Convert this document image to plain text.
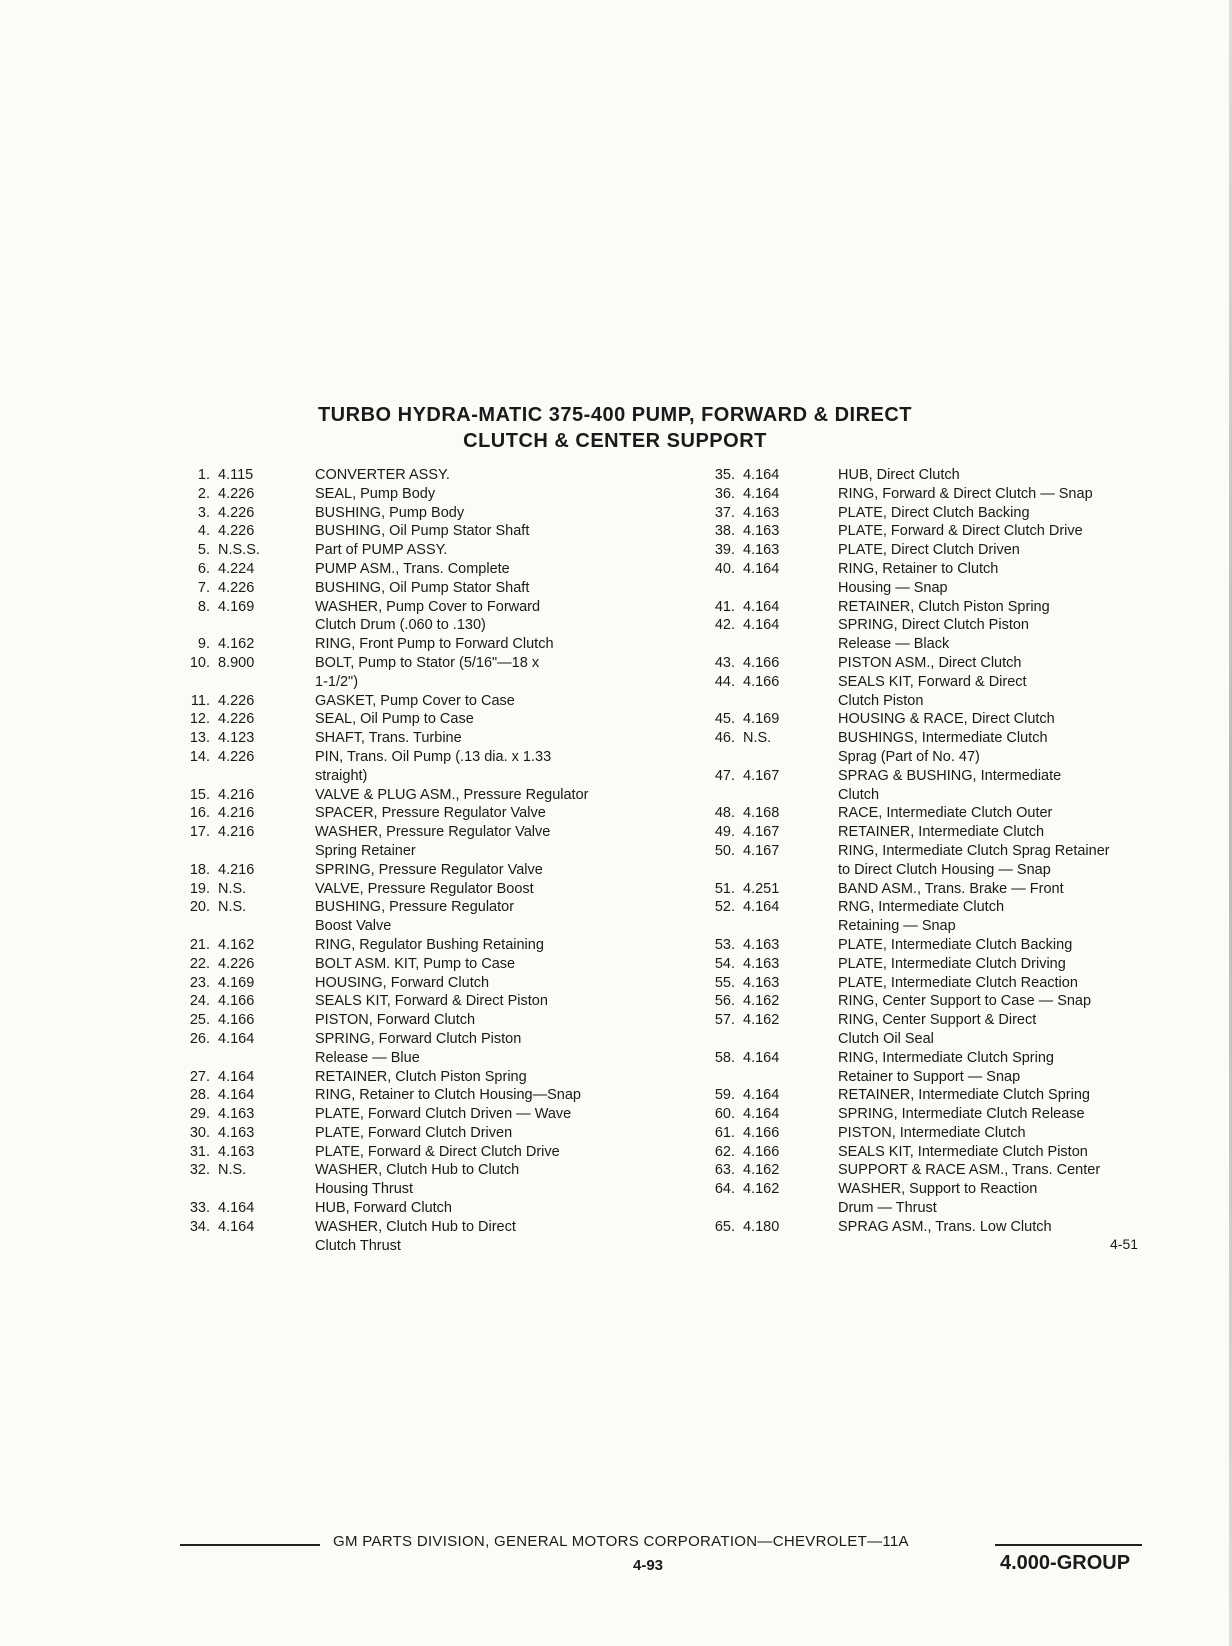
TURBO HYDRA-MATIC 375-400 PUMP, FORWARD & DIRECT
CLUTCH & CENTER SUPPORT
1. 4.115	CONVERTER ASSY.
2. 4.226	SEAL, Pump Body
3. 4.226	BUSHING, Pump Body
4. 4.226	BUSHING, Oil Pump Stator Shaft
5. N.S.S.	Part of PUMP ASSY.
6. 4.224	PUMP ASM., Trans. Complete
7. 4.226	BUSHING, Oil Pump Stator Shaft
8. 4.169	WASHER, Pump Cover to Forward
Clutch Drum (.060 to .130)
9. 4.162	RING, Front Pump to Forward Clutch
10. 8.900	BOLT, Pump to Stator (5/16"—18 x
1-1/2")
11. 4.226	GASKET, Pump Cover to Case
12. 4.226	SEAL, Oil Pump to Case
13. 4.123	SHAFT, Trans. Turbine
14. 4.226	PIN, Trans. Oil Pump (.13 dia. x 1.33
straight)
15. 4.216	VALVE & PLUG ASM., Pressure Regulator
16. 4.216	SPACER, Pressure Regulator Valve
17. 4.216	WASHER, Pressure Regulator Valve
Spring Retainer
18. 4.216	SPRING, Pressure Regulator Valve
19. N.S.	VALVE, Pressure Regulator Boost
20. N.S.	BUSHING, Pressure Regulator
Boost Valve
21. 4.162	RING, Regulator Bushing Retaining
22. 4.226	BOLT ASM. KIT, Pump to Case
23. 4.169	HOUSING, Forward Clutch
24. 4.166	SEALS KIT, Forward & Direct Piston
25. 4.166	PISTON, Forward Clutch
26. 4.164	SPRING, Forward Clutch Piston
Release — Blue
27. 4.164	RETAINER, Clutch Piston Spring
28. 4.164	RING, Retainer to Clutch Housing—Snap
29. 4.163	PLATE, Forward Clutch Driven — Wave
30. 4.163	PLATE, Forward Clutch Driven
31. 4.163	PLATE, Forward & Direct Clutch Drive
32. N.S.	WASHER, Clutch Hub to Clutch
Housing Thrust
33. 4.164	HUB, Forward Clutch
34. 4.164	WASHER, Clutch Hub to Direct
Clutch Thrust
35. 4.164	HUB, Direct Clutch
36. 4.164	RING, Forward & Direct Clutch — Snap
37. 4.163	PLATE, Direct Clutch Backing
38. 4.163	PLATE, Forward & Direct Clutch Drive
39. 4.163	PLATE, Direct Clutch Driven
40. 4.164	RING, Retainer to Clutch
Housing — Snap
41. 4.164	RETAINER, Clutch Piston Spring
42. 4.164	SPRING, Direct Clutch Piston
Release — Black
43. 4.166	PISTON ASM., Direct Clutch
44. 4.166	SEALS KIT, Forward & Direct
Clutch Piston
45. 4.169	HOUSING & RACE, Direct Clutch
46. N.S.	BUSHINGS, Intermediate Clutch
Sprag (Part of No. 47)
47. 4.167	SPRAG & BUSHING, Intermediate
Clutch
48. 4.168	RACE, Intermediate Clutch Outer
49. 4.167	RETAINER, Intermediate Clutch
50. 4.167	RING, Intermediate Clutch Sprag Retainer
to Direct Clutch Housing — Snap
51. 4.251	BAND ASM., Trans. Brake — Front
52. 4.164	RNG, Intermediate Clutch
Retaining — Snap
53. 4.163	PLATE, Intermediate Clutch Backing
54. 4.163	PLATE, Intermediate Clutch Driving
55. 4.163	PLATE, Intermediate Clutch Reaction
56. 4.162	RING, Center Support to Case — Snap
57. 4.162	RING, Center Support & Direct
Clutch Oil Seal
58. 4.164	RING, Intermediate Clutch Spring
Retainer to Support — Snap
59. 4.164	RETAINER, Intermediate Clutch Spring
60. 4.164	SPRING, Intermediate Clutch Release
61. 4.166	PISTON, Intermediate Clutch
62. 4.166	SEALS KIT, Intermediate Clutch Piston
63. 4.162	SUPPORT & RACE ASM., Trans. Center
64. 4.162	WASHER, Support to Reaction
Drum — Thrust
65. 4.180	SPRAG ASM., Trans. Low Clutch
4-51
GM PARTS DIVISION, GENERAL MOTORS CORPORATION—CHEVROLET—11A
4-93	4.000-GROUP
